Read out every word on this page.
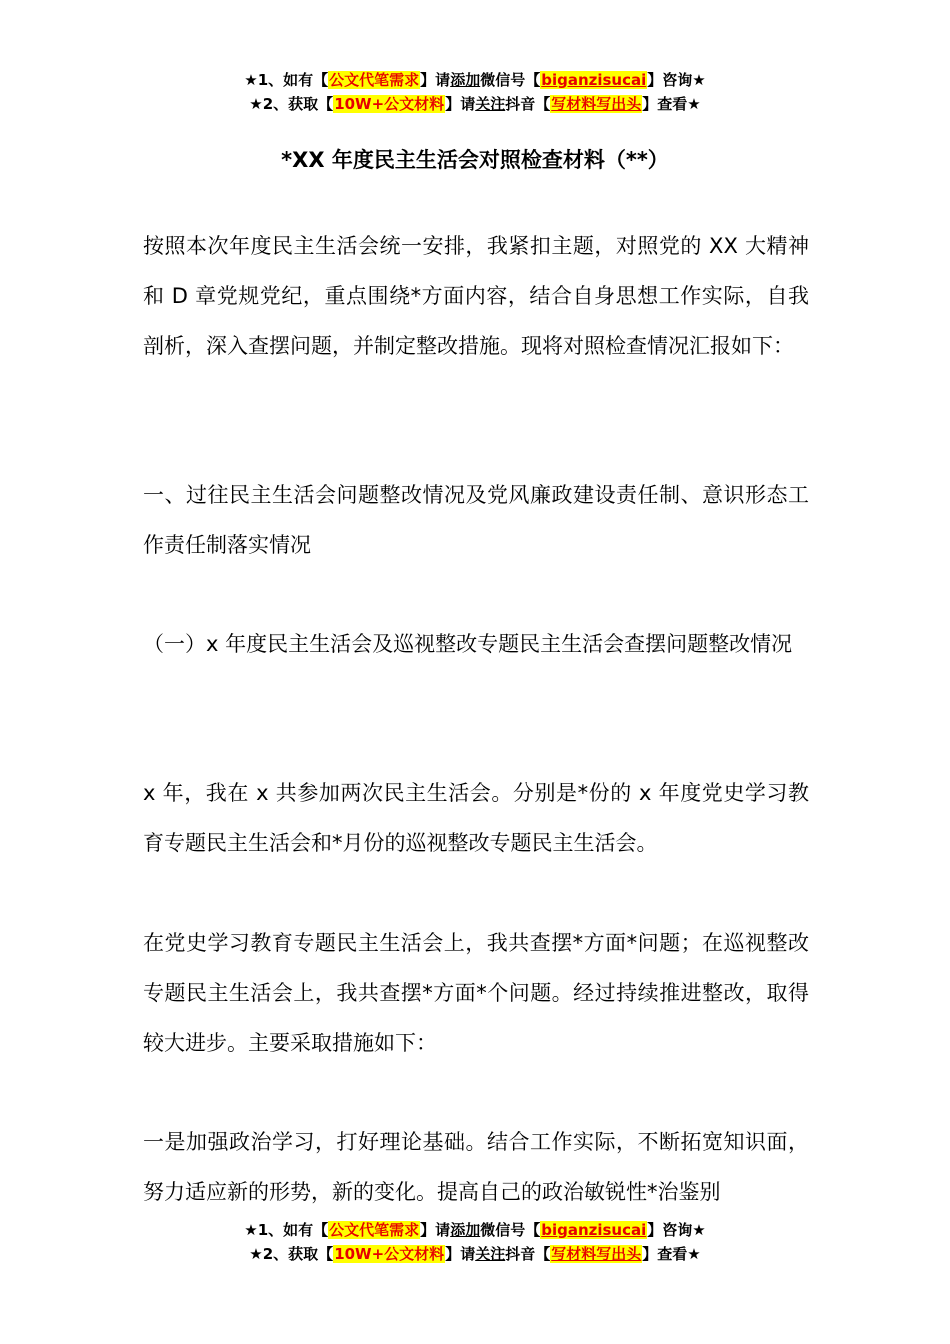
★1、如有【公文代笔需求】请添加微信号【biganzisucai】咨询★
★2、获取【10W+公文材料】请关注抖音【写材料写出头】查看★
*XX 年度民主生活会对照检查材料（**）

按照本次年度民主生活会统一安排，我紧扣主题，对照党的 XX 大精神和 D 章党规党纪，重点围绕*方面内容，结合自身思想工作实际，自我剖析，深入查摆问题，并制定整改措施。现将对照检查情况汇报如下：

一、过往民主生活会问题整改情况及党风廉政建设责任制、意识形态工作责任制落实情况

（一）x 年度民主生活会及巡视整改专题民主生活会查摆问题整改情况

x 年，我在 x 共参加两次民主生活会。分别是*份的 x 年度党史学习教育专题民主生活会和*月份的巡视整改专题民主生活会。

在党史学习教育专题民主生活会上，我共查摆*方面*问题；在巡视整改专题民主生活会上，我共查摆*方面*个问题。经过持续推进整改，取得较大进步。主要采取措施如下：

一是加强政治学习，打好理论基础。结合工作实际，不断拓宽知识面，努力适应新的形势，新的变化。提高自己的政治敏锐性*治鉴别

★1、如有【公文代笔需求】请添加微信号【biganzisucai】咨询★
★2、获取【10W+公文材料】请关注抖音【写材料写出头】查看★
